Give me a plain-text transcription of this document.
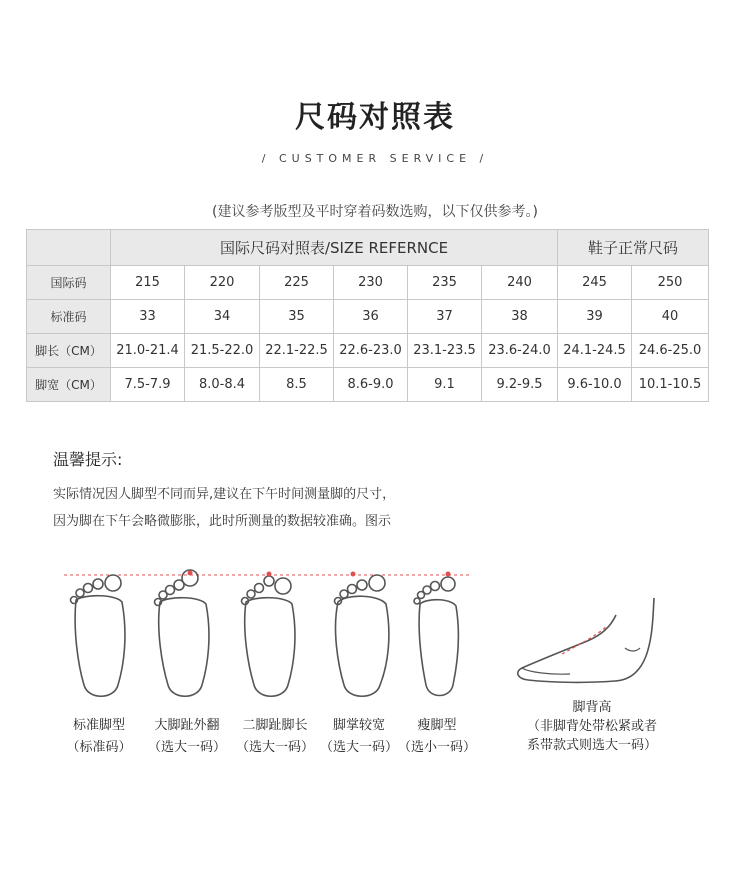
尺码对照表
/ CUSTOMER SERVICE /
(建议参考版型及平时穿着码数选购，以下仅供参考。)
	国际尺码对照表/SIZE REFERNCE						鞋子正常尺码	
国际码	215	220	225	230	235	240	245	250
标准码	33	34	35	36	37	38	39	40
脚长（CM）	21.0-21.4	21.5-22.0	22.1-22.5	22.6-23.0	23.1-23.5	23.6-24.0	24.1-24.5	24.6-25.0
脚宽（CM）	7.5-7.9	8.0-8.4	8.5	8.6-9.0	9.1	9.2-9.5	9.6-10.0	10.1-10.5
温馨提示:
实际情况因人脚型不同而异,建议在下午时间测量脚的尺寸，
因为脚在下午会略微膨胀，此时所测量的数据较准确。图示
标准脚型
（标准码）
大脚趾外翻
（选大一码）
二脚趾脚长
（选大一码）
脚掌较宽
（选大一码）
瘦脚型
（选小一码）
脚背高
（非脚背处带松紧或者
系带款式则选大一码）
